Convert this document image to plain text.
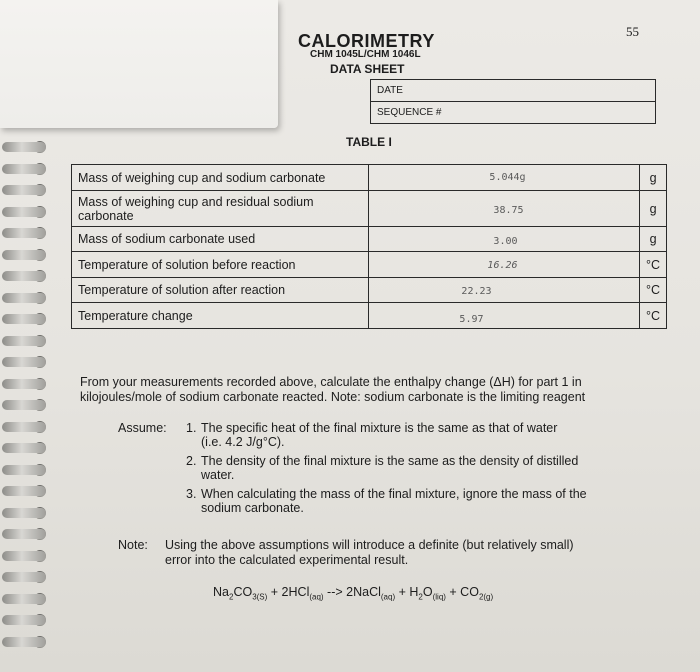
55
CALORIMETRY
CHM 1045L/CHM 1046L
DATA SHEET
DATE
SEQUENCE #
TABLE I
Mass of weighing cup and sodium carbonate	5.044g	g
Mass of weighing cup and residual sodium carbonate	38.75	g
Mass of sodium carbonate used	3.00	g
Temperature of solution before reaction	16.26	°C
Temperature of solution after reaction	22.23	°C
Temperature change	5.97	°C
From your measurements recorded above, calculate the enthalpy change (ΔH) for part 1 in kilojoules/mole of sodium carbonate reacted. Note: sodium carbonate is the limiting reagent
Assume: 1. The specific heat of the final mixture is the same as that of water
(i.e. 4.2 J/g°C).
2. The density of the final mixture is the same as the density of distilled
water.
3. When calculating the mass of the final mixture, ignore the mass of the
sodium carbonate.
Note: Using the above assumptions will introduce a definite (but relatively small)
error into the calculated experimental result.
$Na_2CO_{3(S)} + 2HCl_{(aq)}$ --> 2NaCl$_{(aq)}$ + $H_2O_{(liq)} + CO_{2(g)}$
